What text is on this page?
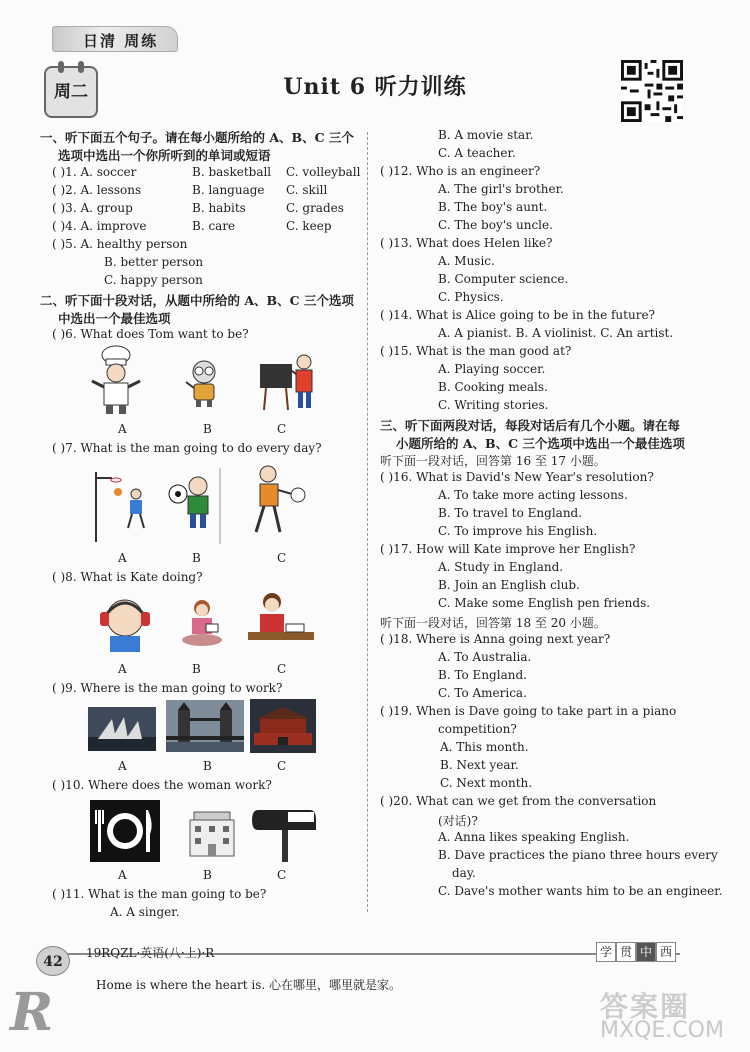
日清 周练
周二	Unit 6 听力训练
一、听下面五个句子。请在每小题所给的 A、B、C 三个
选项中选出一个你所听到的单词或短语
( )1. A. soccer	B. basketball C. volleyball
( )2. A. lessons	B. language C. skill
( )3. A. group	B. habits	C. grades
( )4. A. improve	B. care	C. keep
( )5. A. healthy person
B. better person
C. happy person
二、听下面十段对话，从题中所给的 A、B、C 三个选项
中选出一个最佳选项
( )6. What does Tom want to be?
A	B	C
( )7. What is the man going to do every day?
A	B	C
( )8. What is Kate doing?
A	B	C
( )9. Where is the man going to work?
A	B	C
( )10. Where does the woman work?
POST
A	B	C
( )11. What is the man going to be?
A. A singer.
B. A movie star.
C. A teacher.
( )12. Who is an engineer?
A. The girl's brother.
B. The boy's aunt.
C. The boy's uncle.
( )13. What does Helen like?
A. Music.
B. Computer science.
C. Physics.
( )14. What is Alice going to be in the future?
A. A pianist. B. A violinist. C. An artist.
( )15. What is the man good at?
A. Playing soccer.
B. Cooking meals.
C. Writing stories.
三、听下面两段对话，每段对话后有几个小题。请在每
小题所给的 A、B、C 三个选项中选出一个最佳选项
听下面一段对话，回答第 16 至 17 小题。
( )16. What is David's New Year's resolution?
A. To take more acting lessons.
B. To travel to England.
C. To improve his English.
( )17. How will Kate improve her English?
A. Study in England.
B. Join an English club.
C. Make some English pen friends.
听下面一段对话，回答第 18 至 20 小题。
( )18. Where is Anna going next year?
A. To Australia.
B. To England.
C. To America.
( )19. When is Dave going to take part in a piano
competition?
A. This month.
B. Next year.
C. Next month.
( )20. What can we get from the conversation
(对话)?
A. Anna likes speaking English.
B. Dave practices the piano three hours every
day.
C. Dave's mother wants him to be an engineer.
42
19RQZL·英语(八·上)·R	学 贯 中 西
Home is where the heart is. 心在哪里，哪里就是家。
R	答案圈
MXQE.COM
